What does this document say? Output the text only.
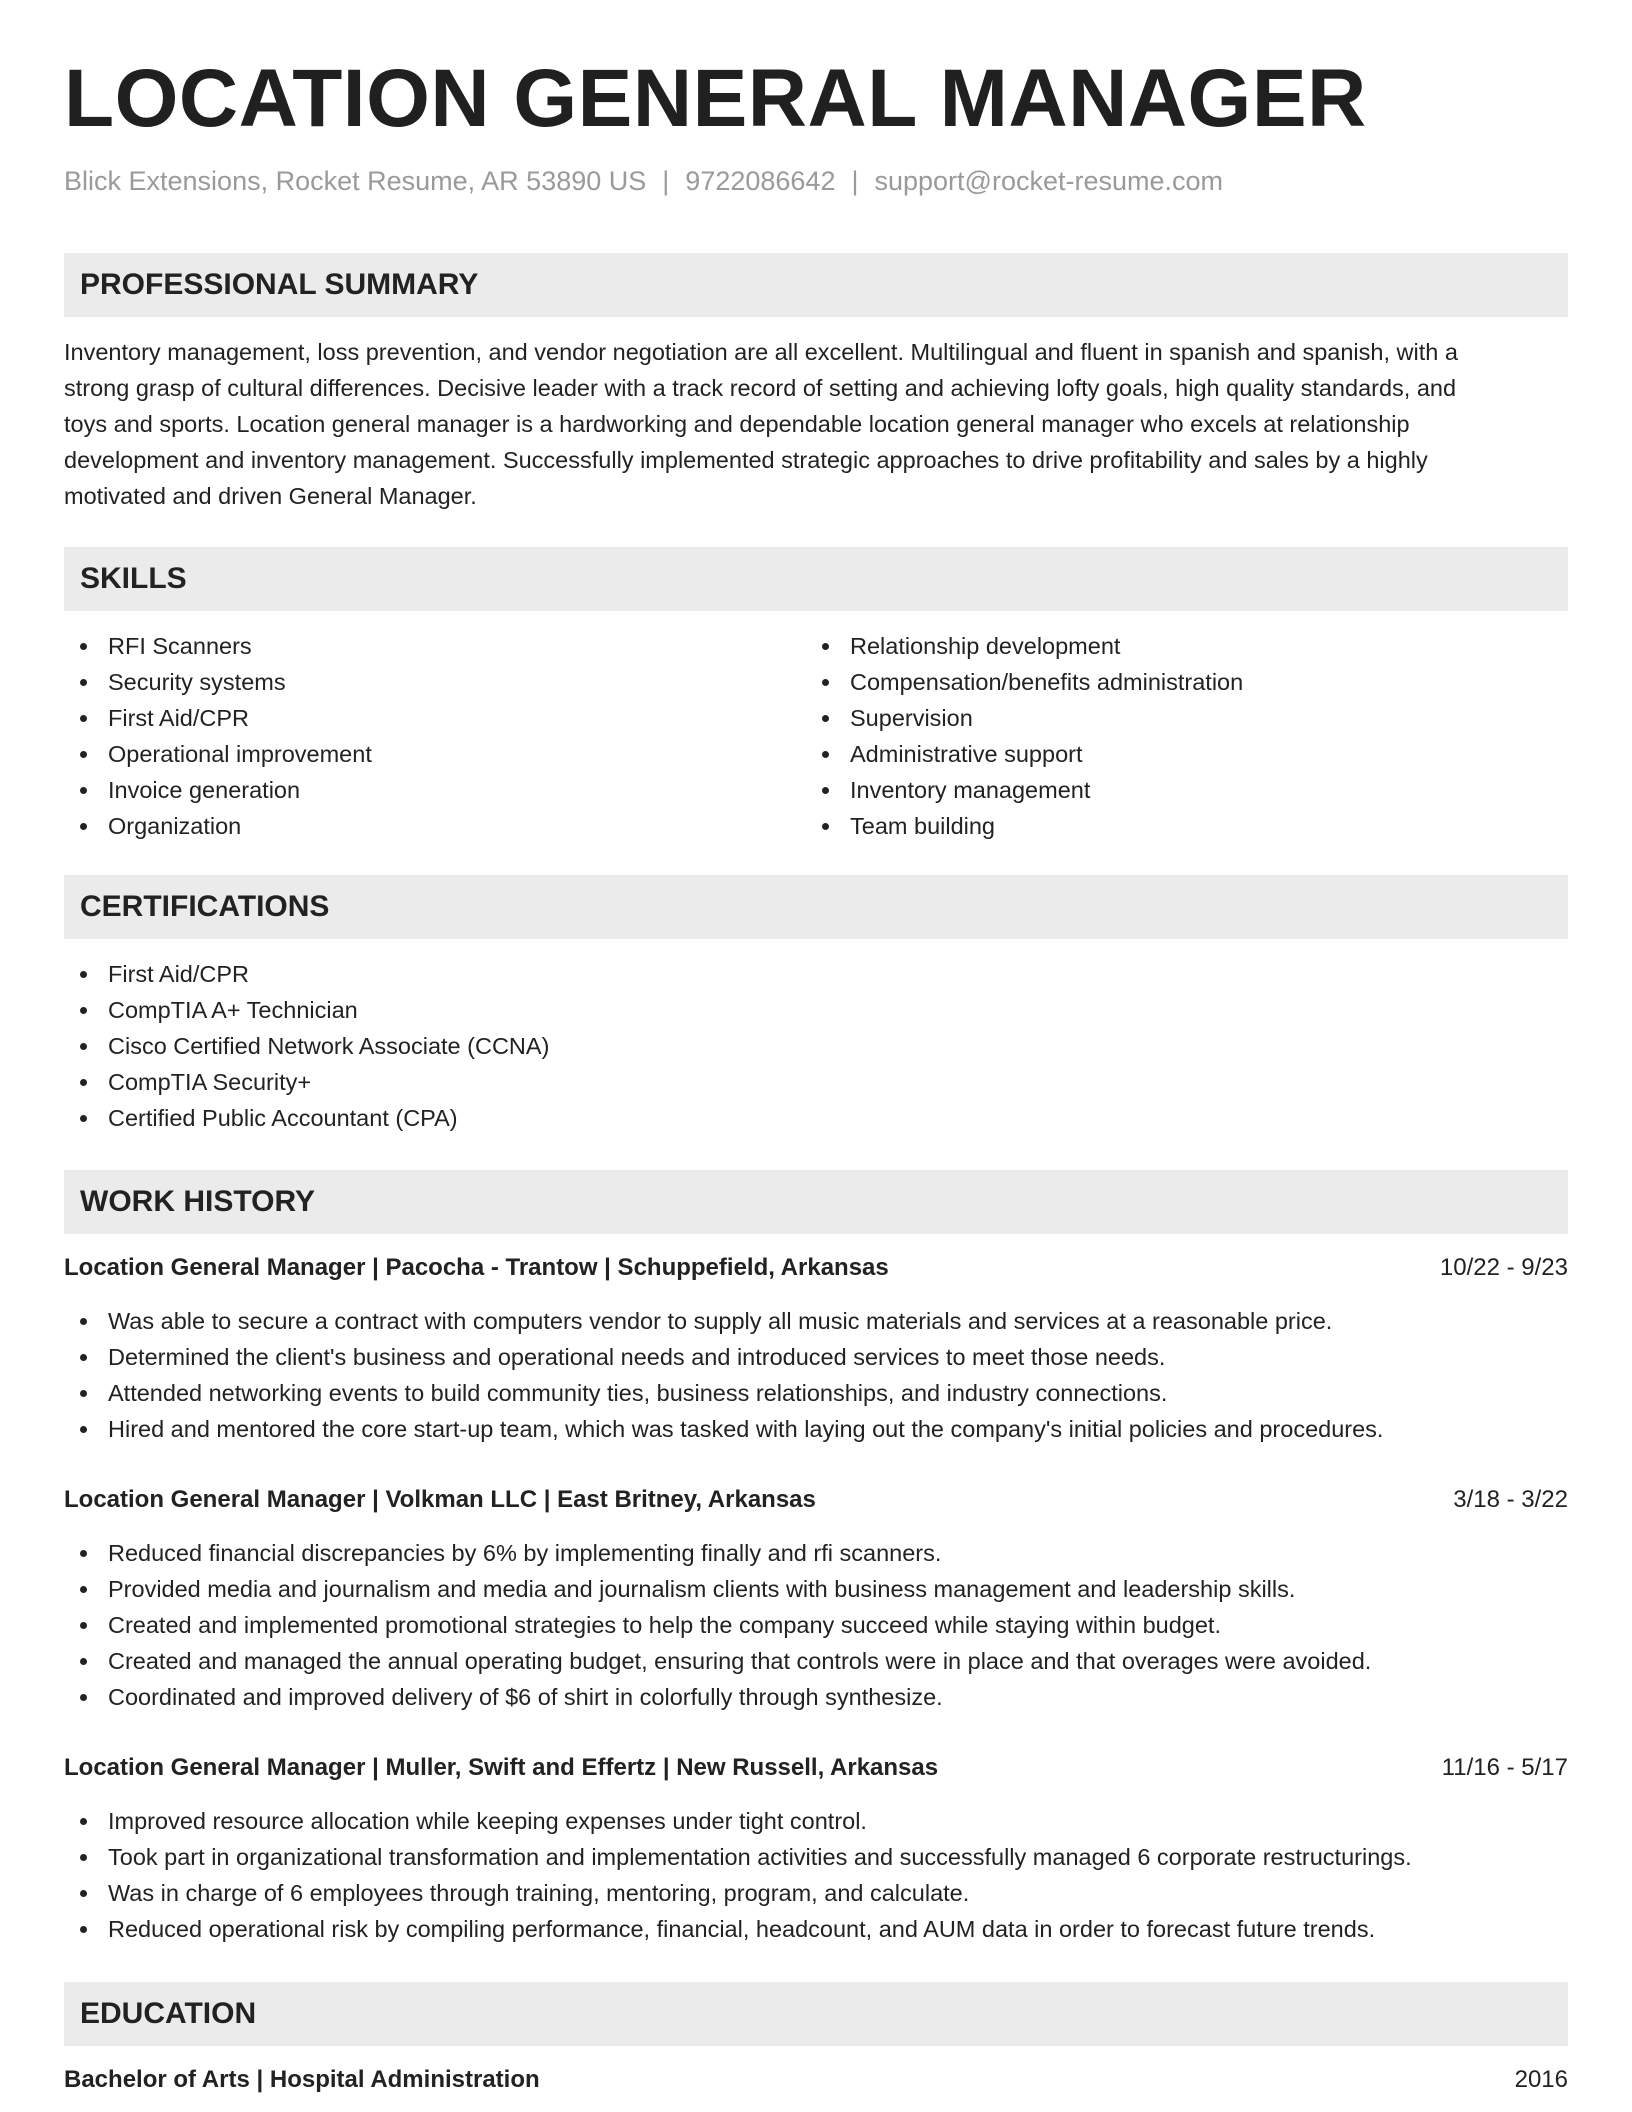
LOCATION GENERAL MANAGER
Blick Extensions, Rocket Resume, AR 53890 US | 9722086642 | support@rocket-resume.com
PROFESSIONAL SUMMARY
Inventory management, loss prevention, and vendor negotiation are all excellent. Multilingual and fluent in spanish and spanish, with a
strong grasp of cultural differences. Decisive leader with a track record of setting and achieving lofty goals, high quality standards, and
toys and sports. Location general manager is a hardworking and dependable location general manager who excels at relationship
development and inventory management. Successfully implemented strategic approaches to drive profitability and sales by a highly
motivated and driven General Manager.
SKILLS
RFI Scanners
Security systems
First Aid/CPR
Operational improvement
Invoice generation
Organization
Relationship development
Compensation/benefits administration
Supervision
Administrative support
Inventory management
Team building
CERTIFICATIONS
First Aid/CPR
CompTIA A+ Technician
Cisco Certified Network Associate (CCNA)
CompTIA Security+
Certified Public Accountant (CPA)
WORK HISTORY
Location General Manager | Pacocha - Trantow | Schuppefield, Arkansas	10/22 - 9/23
Was able to secure a contract with computers vendor to supply all music materials and services at a reasonable price.
Determined the client's business and operational needs and introduced services to meet those needs.
Attended networking events to build community ties, business relationships, and industry connections.
Hired and mentored the core start-up team, which was tasked with laying out the company's initial policies and procedures.
Location General Manager | Volkman LLC | East Britney, Arkansas	3/18 - 3/22
Reduced financial discrepancies by 6% by implementing finally and rfi scanners.
Provided media and journalism and media and journalism clients with business management and leadership skills.
Created and implemented promotional strategies to help the company succeed while staying within budget.
Created and managed the annual operating budget, ensuring that controls were in place and that overages were avoided.
Coordinated and improved delivery of $6 of shirt in colorfully through synthesize.
Location General Manager | Muller, Swift and Effertz | New Russell, Arkansas	11/16 - 5/17
Improved resource allocation while keeping expenses under tight control.
Took part in organizational transformation and implementation activities and successfully managed 6 corporate restructurings.
Was in charge of 6 employees through training, mentoring, program, and calculate.
Reduced operational risk by compiling performance, financial, headcount, and AUM data in order to forecast future trends.
EDUCATION
Bachelor of Arts | Hospital Administration	2016
